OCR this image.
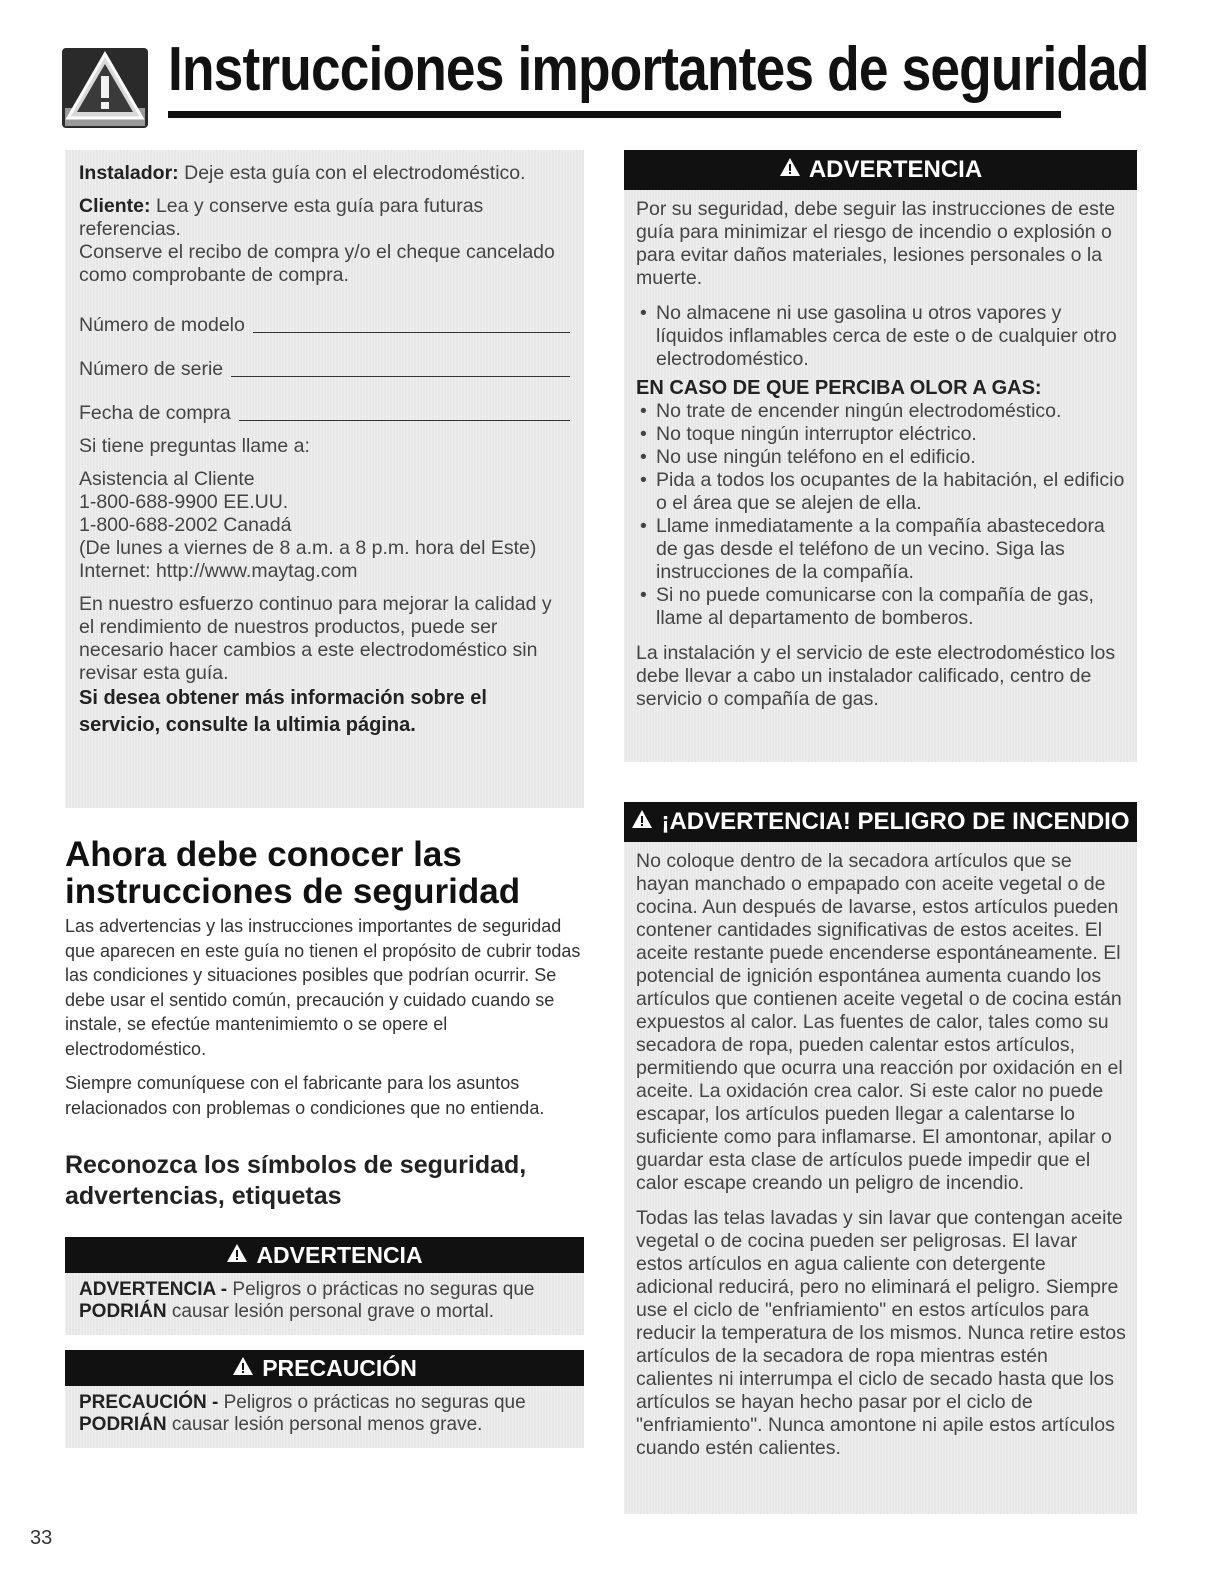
Instrucciones importantes de seguridad

Instalador: Deje esta guía con el electrodoméstico.

Cliente: Lea y conserve esta guía para futuras referencias.

Conserve el recibo de compra y/o el cheque cancelado como comprobante de compra.

Número de modelo
Número de serie
Fecha de compra

Si tiene preguntas llame a:

Asistencia al Cliente

1-800-688-9900 EE.UU.

1-800-688-2002 Canadá

(De lunes a viernes de 8 a.m. a 8 p.m. hora del Este)

Internet: http://www.maytag.com

En nuestro esfuerzo continuo para mejorar la calidad y el rendimiento de nuestros productos, puede ser necesario hacer cambios a este electrodoméstico sin revisar esta guía.

Si desea obtener más información sobre el servicio, consulte la ultimia página.

ADVERTENCIA

Por su seguridad, debe seguir las instrucciones de este guía para minimizar el riesgo de incendio o explosión o para evitar daños materiales, lesiones personales o la muerte.

• No almacene ni use gasolina u otros vapores y líquidos inflamables cerca de este o de cualquier otro electrodoméstico.

EN CASO DE QUE PERCIBA OLOR A GAS:

• No trate de encender ningún electrodoméstico.
• No toque ningún interruptor eléctrico.
• No use ningún teléfono en el edificio.
• Pida a todos los ocupantes de la habitación, el edificio o el área que se alejen de ella.
• Llame inmediatamente a la compañía abastecedora de gas desde el teléfono de un vecino. Siga las instrucciones de la compañía.
• Si no puede comunicarse con la compañía de gas, llame al departamento de bomberos.

La instalación y el servicio de este electrodoméstico los debe llevar a cabo un instalador calificado, centro de servicio o compañía de gas.

¡ADVERTENCIA! PELIGRO DE INCENDIO

No coloque dentro de la secadora artículos que se hayan manchado o empapado con aceite vegetal o de cocina. Aun después de lavarse, estos artículos pueden contener cantidades significativas de estos aceites. El aceite restante puede encenderse espontáneamente. El potencial de ignición espontánea aumenta cuando los artículos que contienen aceite vegetal o de cocina están expuestos al calor. Las fuentes de calor, tales como su secadora de ropa, pueden calentar estos artículos, permitiendo que ocurra una reacción por oxidación en el aceite. La oxidación crea calor. Si este calor no puede escapar, los artículos pueden llegar a calentarse lo suficiente como para inflamarse. El amontonar, apilar o guardar esta clase de artículos puede impedir que el calor escape creando un peligro de incendio.

Todas las telas lavadas y sin lavar que contengan aceite vegetal o de cocina pueden ser peligrosas. El lavar estos artículos en agua caliente con detergente adicional reducirá, pero no eliminará el peligro. Siempre use el ciclo de "enfriamiento" en estos artículos para reducir la temperatura de los mismos. Nunca retire estos artículos de la secadora de ropa mientras estén calientes ni interrumpa el ciclo de secado hasta que los artículos se hayan hecho pasar por el ciclo de "enfriamiento". Nunca amontone ni apile estos artículos cuando estén calientes.

Ahora debe conocer las instrucciones de seguridad

Las advertencias y las instrucciones importantes de seguridad que aparecen en este guía no tienen el propósito de cubrir todas las condiciones y situaciones posibles que podrían ocurrir. Se debe usar el sentido común, precaución y cuidado cuando se instale, se efectúe mantenimiemto o se opere el electrodoméstico.

Siempre comuníquese con el fabricante para los asuntos relacionados con problemas o condiciones que no entienda.

Reconozca los símbolos de seguridad, advertencias, etiquetas
ADVERTENCIA

ADVERTENCIA - Peligros o prácticas no seguras que

PODRIÁN causar lesión personal grave o mortal.

PRECAUCIÓN

PRECAUCIÓN - Peligros o prácticas no seguras que

PODRIÁN causar lesión personal menos grave.

33
